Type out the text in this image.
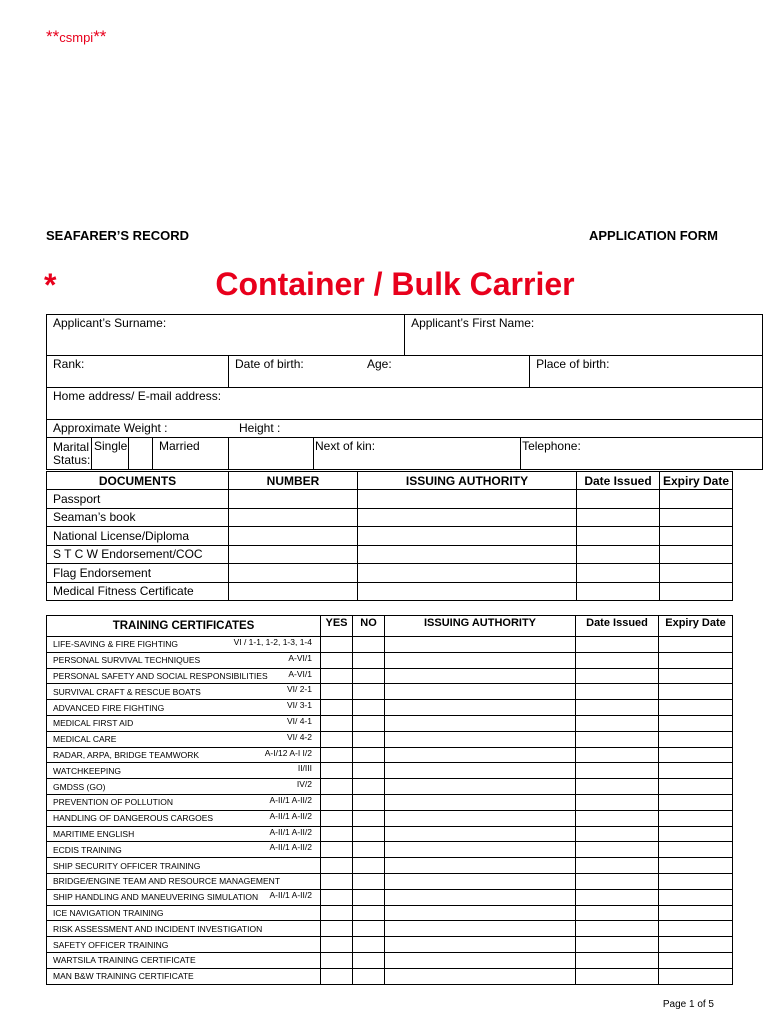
**csmpi**
SEAFARER’S RECORD	APPLICATION FORM
*	Container / Bulk Carrier
Applicant’s Surname:						Applicant’s First Name:		
Rank:				Date of birth: Age:				Place of birth:
Home address/ E-mail address:								
Approximate Weight : Height :								

Marital
Status:	Single		Married		Next of kin:		Telephone:	
DOCUMENTS	NUMBER	ISSUING AUTHORITY	Date Issued	Expiry Date
Passport				
Seaman’s book				
National License/Diploma				
S T C W Endorsement/COC				
Flag Endorsement				
Medical Fitness Certificate				
TRAINING CERTIFICATES	YES	NO	ISSUING AUTHORITY	Date Issued	Expiry Date
LIFE-SAVING & FIRE FIGHTING VI / 1-1, 1-2, 1-3, 1-4					

PERSONAL SURVIVAL TECHNIQUES A-VI/1					

PERSONAL SAFETY AND SOCIAL RESPONSIBILITIES A-VI/1					

SURVIVAL CRAFT & RESCUE BOATS VI/ 2-1					

ADVANCED FIRE FIGHTING VI/ 3-1					

MEDICAL FIRST AID VI/ 4-1					

MEDICAL CARE VI/ 4-2					

RADAR, ARPA, BRIDGE TEAMWORK A-I/12 A-I I/2					

WATCHKEEPING II/III					

GMDSS (GO) IV/2					

PREVENTION OF POLLUTION A-II/1 A-II/2					

HANDLING OF DANGEROUS CARGOES A-II/1 A-II/2					

MARITIME ENGLISH A-II/1 A-II/2					

ECDIS TRAINING A-II/1 A-II/2					

SHIP SECURITY OFFICER TRAINING

BRIDGE/ENGINE TEAM AND RESOURCE MANAGEMENT

SHIP HANDLING AND MANEUVERING SIMULATION A-II/1 A-II/2					

ICE NAVIGATION TRAINING

RISK ASSESSMENT AND INCIDENT INVESTIGATION

SAFETY OFFICER TRAINING

WARTSILA TRAINING CERTIFICATE

MAN B&W TRAINING CERTIFICATE

Page 1 of 5
